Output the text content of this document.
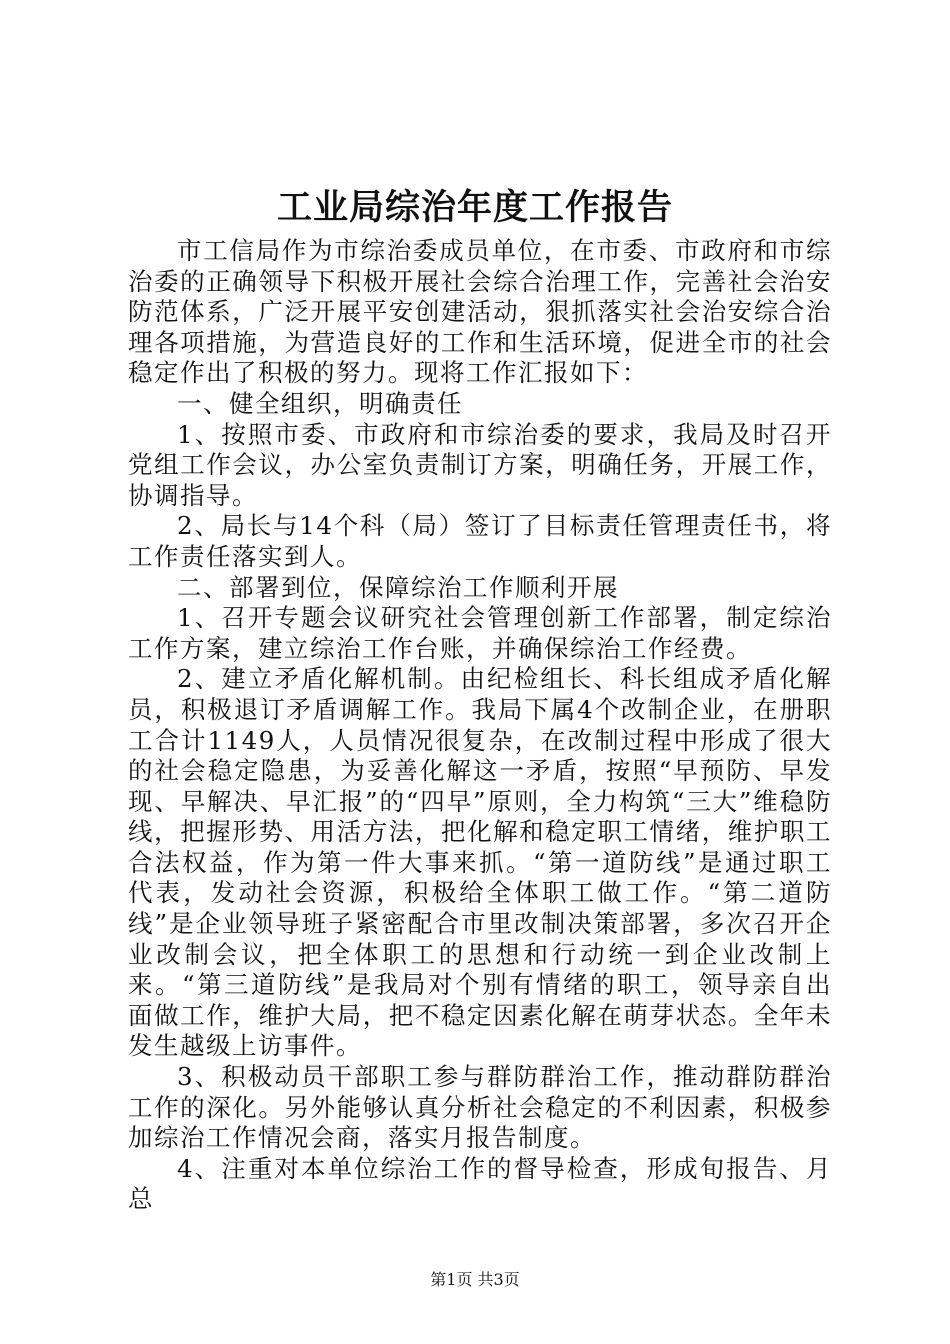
工业局综治年度工作报告

市工信局作为市综治委成员单位，在市委、市政府和市综治委的正确领导下积极开展社会综合治理工作，完善社会治安防范体系，广泛开展平安创建活动，狠抓落实社会治安综合治理各项措施，为营造良好的工作和生活环境，促进全市的社会稳定作出了积极的努力。现将工作汇报如下：

一、健全组织，明确责任

1、按照市委、市政府和市综治委的要求，我局及时召开党组工作会议，办公室负责制订方案，明确任务，开展工作，协调指导。

2、局长与14个科（局）签订了目标责任管理责任书，将工作责任落实到人。

二、部署到位，保障综治工作顺利开展

1、召开专题会议研究社会管理创新工作部署，制定综治工作方案，建立综治工作台账，并确保综治工作经费。

2、建立矛盾化解机制。由纪检组长、科长组成矛盾化解员，积极退订矛盾调解工作。我局下属4个改制企业，在册职工合计1149人，人员情况很复杂，在改制过程中形成了很大的社会稳定隐患，为妥善化解这一矛盾，按照“早预防、早发现、早解决、早汇报”的“四早”原则，全力构筑“三大”维稳防线，把握形势、用活方法，把化解和稳定职工情绪，维护职工合法权益，作为第一件大事来抓。“第一道防线”是通过职工代表，发动社会资源，积极给全体职工做工作。“第二道防线”是企业领导班子紧密配合市里改制决策部署，多次召开企业改制会议，把全体职工的思想和行动统一到企业改制上来。“第三道防线”是我局对个别有情绪的职工，领导亲自出面做工作，维护大局，把不稳定因素化解在萌芽状态。全年未发生越级上访事件。

3、积极动员干部职工参与群防群治工作，推动群防群治工作的深化。另外能够认真分析社会稳定的不利因素，积极参加综治工作情况会商，落实月报告制度。

4、注重对本单位综治工作的督导检查，形成旬报告、月总

第1页 共3页
